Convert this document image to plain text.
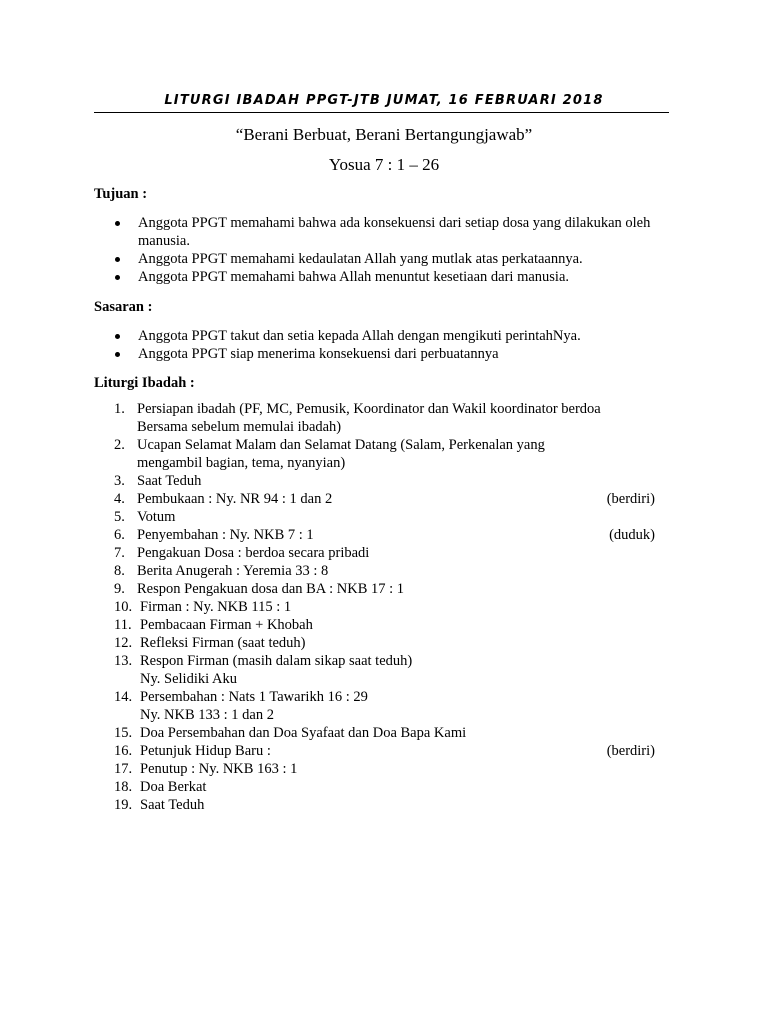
LITURGI IBADAH PPGT-JTB JUMAT, 16 FEBRUARI 2018
“Berani Berbuat, Berani Bertangungjawab”
Yosua 7 : 1 – 26
Tujuan :
Anggota PPGT memahami bahwa ada konsekuensi dari setiap dosa yang dilakukan oleh manusia.
Anggota PPGT memahami kedaulatan Allah yang mutlak atas perkataannya.
Anggota PPGT memahami bahwa Allah menuntut kesetiaan dari manusia.
Sasaran :
Anggota PPGT takut dan setia kepada Allah dengan mengikuti perintahNya.
Anggota PPGT siap menerima konsekuensi dari perbuatannya
Liturgi Ibadah :
1. Persiapan ibadah (PF, MC, Pemusik, Koordinator dan Wakil koordinator berdoa Bersama sebelum memulai ibadah)
2. Ucapan Selamat Malam dan Selamat Datang (Salam, Perkenalan yang mengambil bagian, tema, nyanyian)
3. Saat Teduh
4. Pembukaan : Ny. NR 94 : 1 dan 2	(berdiri)
5. Votum
6. Penyembahan : Ny. NKB 7 : 1	(duduk)
7. Pengakuan Dosa : berdoa secara pribadi
8. Berita Anugerah : Yeremia 33 : 8
9. Respon Pengakuan dosa dan BA : NKB 17 : 1
10. Firman : Ny. NKB 115 : 1
11. Pembacaan Firman + Khobah
12. Refleksi Firman (saat teduh)
13. Respon Firman (masih dalam sikap saat teduh)
Ny. Selidiki Aku
14. Persembahan : Nats 1 Tawarikh 16 : 29
Ny. NKB 133 : 1 dan 2
15. Doa Persembahan dan Doa Syafaat dan Doa Bapa Kami
16. Petunjuk Hidup Baru :	(berdiri)
17. Penutup : Ny. NKB 163 : 1
18. Doa Berkat
19. Saat Teduh
